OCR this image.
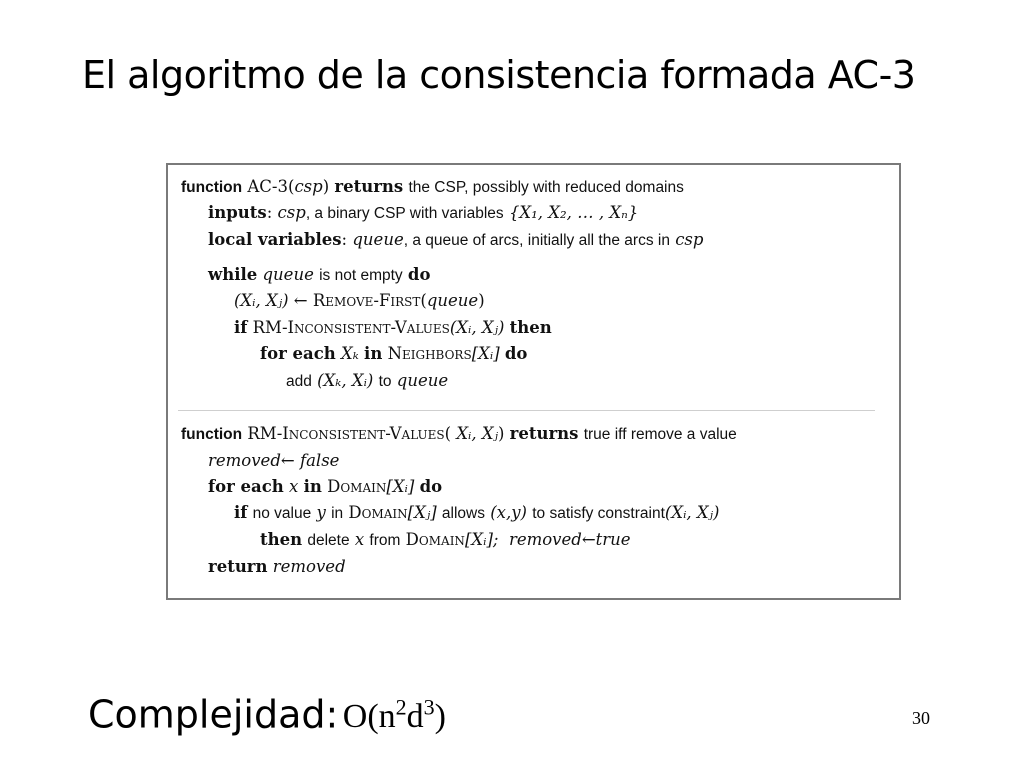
El algoritmo de la consistencia formada AC-3
function AC-3(csp) returns the CSP, possibly with reduced domains
inputs: csp, a binary CSP with variables {X₁, X₂, … , Xₙ}
local variables: queue, a queue of arcs, initially all the arcs in csp
while queue is not empty do
(Xᵢ, Xⱼ) ← Remove-First(queue)
if RM-Inconsistent-Values(Xᵢ, Xⱼ) then
for each Xₖ in Neighbors[Xᵢ] do
add (Xₖ, Xᵢ) to queue
function RM-Inconsistent-Values( Xᵢ, Xⱼ) returns true iff remove a value
removed← false
for each x in Domain[Xᵢ] do
if no value y in Domain[Xⱼ] allows (x,y) to satisfy constraint(Xᵢ, Xⱼ)
then delete x from Domain[Xᵢ]; removed←true
return removed
Complejidad: $O(n^2d^3)$	30
